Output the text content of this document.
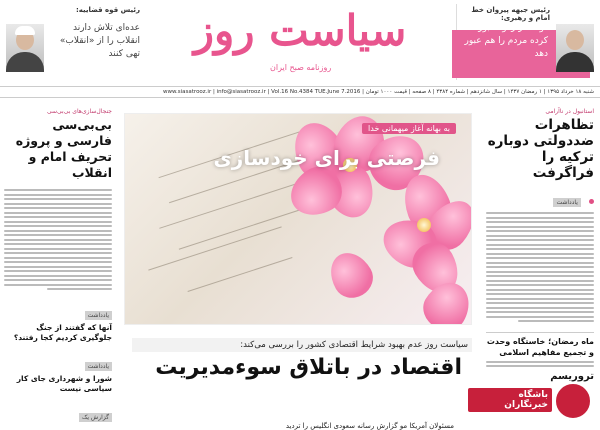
رئیس جبهه پیروان خط امام و رهبری:
دولت از رکود عبور کرده مردم را هم عبور دهد
سیاست روز
روزنامه صبح ایران
رئیس قوه قضاییه:
عده‌ای تلاش دارند انقلاب را از «انقلاب» تهی کنند
شنبه ۱۸ خرداد ۱۳۹۵ | ۱ رمضان ۱۴۳۷ | سال شانزدهم | شماره ۴۳۸۴ | ۸ صفحه | قیمت ۱۰۰۰ تومان | www.siasatrooz.ir | info@siasatrooz.ir | Vol.16 No.4384 TUE.June 7.2016
استانبول در ناآرامی
تظاهرات ضددولتی دوباره ترکیه را فراگرفت
یادداشت
ماه رمضان؛ خاستگاه وحدت و تجمیع مفاهیم اسلامی
تروریسم
جنجال‌سازی‌های بی‌بی‌سی
بی‌بی‌سی فارسی و پروژه تحریف امام و انقلاب
یادداشت
آنها که گفتند از جنگ جلوگیری کردیم کجا رفتند؟
یادداشت
شورا و شهرداری جای کار سیاسی نیست
گزارش یک
به بهانه آغاز میهمانی خدا
فرصتی برای خودسازی
سیاست روز عدم بهبود شرایط اقتصادی کشور را بررسی می‌کند:
اقتصاد در باتلاق سوءمدیریت
مسئولان آمریکا مو گزارش رسانه سعودی انگلیس را تردید
باشگاه خبرنگاران
